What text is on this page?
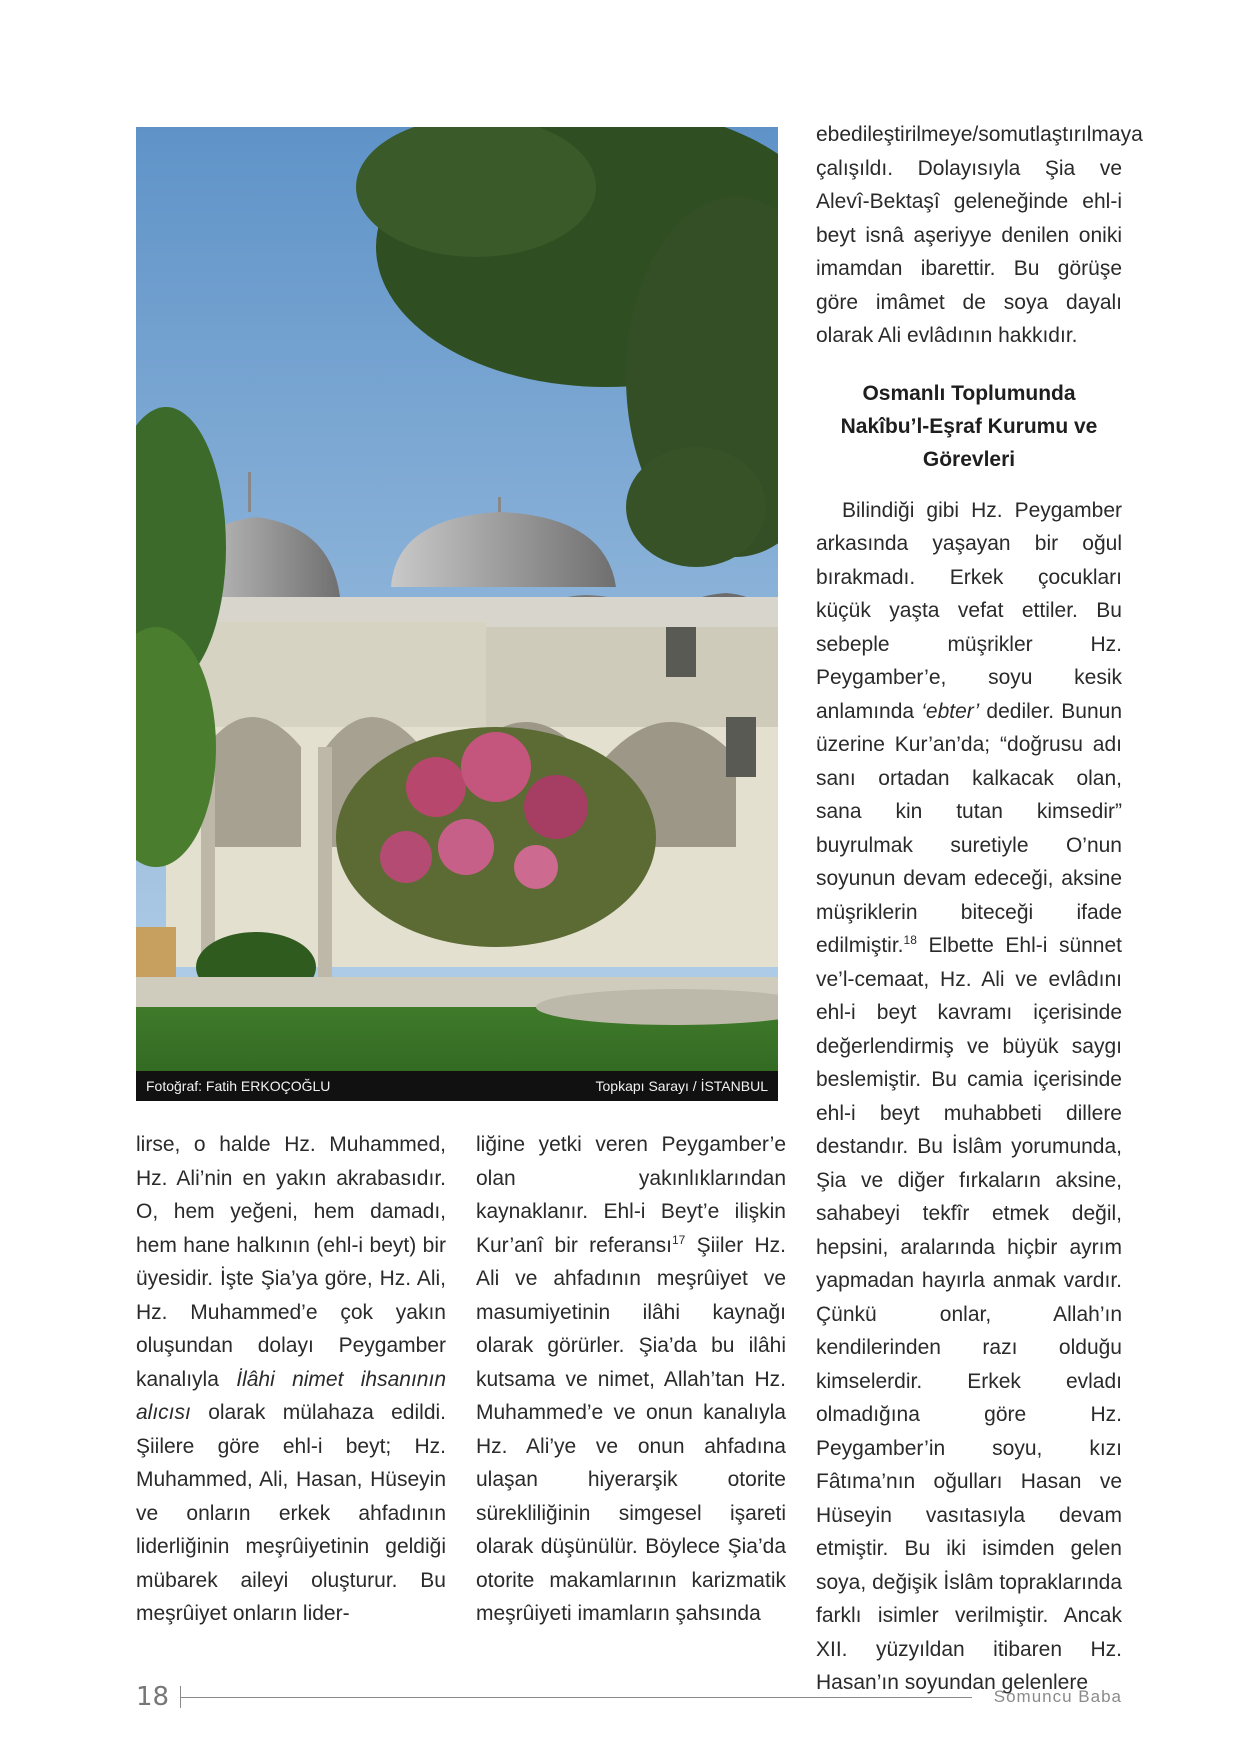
Fotoğraf: Fatih ERKOÇOĞLU	Topkapı Sarayı / İSTANBUL

lirse, o halde Hz. Muhammed, Hz. Ali’nin en yakın akrabasıdır. O, hem yeğeni, hem damadı, hem hane halkının (ehl-i beyt) bir üyesidir. İşte Şia’ya göre, Hz. Ali, Hz. Muhammed’e çok yakın oluşundan dolayı Peygamber kanalıyla İlâhi nimet ihsanının alıcısı olarak mülahaza edildi. Şiilere göre ehl-i beyt; Hz. Muhammed, Ali, Hasan, Hüseyin ve onların erkek ahfadının liderliğinin meşrûiyetinin geldiği mübarek aileyi oluşturur. Bu meşrûiyet onların lider-

liğine yetki veren Peygamber’e olan yakınlıklarından kaynaklanır. Ehl-i Beyt’e ilişkin Kur’anî bir referansı$^{17}$ Şiiler Hz. Ali ve ahfadının meşrûiyet ve masumiyetinin ilâhi kaynağı olarak görürler. Şia’da bu ilâhi kutsama ve nimet, Allah’tan Hz. Muhammed’e ve onun kanalıyla Hz. Ali’ye ve onun ahfadına ulaşan hiyerarşik otorite sürekliliğinin simgesel işareti olarak düşünülür. Böylece Şia’da otorite makamlarının karizmatik meşrûiyeti imamların şahsında

ebedileştirilmeye/somutlaştırılmaya çalışıldı. Dolayısıyla Şia ve Alevî-Bektaşî geleneğinde ehl-i beyt isnâ aşeriyye denilen oniki imamdan ibarettir. Bu görüşe göre imâmet de soya dayalı olarak Ali evlâdının hakkıdır.

Osmanlı Toplumunda
Nakîbu’l-Eşraf Kurumu ve
Görevleri

Bilindiği gibi Hz. Peygamber arkasında yaşayan bir oğul bırakmadı. Erkek çocukları küçük yaşta vefat ettiler. Bu sebeple müşrikler Hz. Peygamber’e, soyu kesik anlamında ‘ebter’ dediler. Bunun üzerine Kur’an’da; “doğrusu adı sanı ortadan kalkacak olan, sana kin tutan kimsedir” buyrulmak suretiyle O’nun soyunun devam edeceği, aksine müşriklerin biteceği ifade edilmiştir.$^{18}$ Elbette Ehl-i sünnet ve’l-cemaat, Hz. Ali ve evlâdını ehl-i beyt kavramı içerisinde değerlendirmiş ve büyük saygı beslemiştir. Bu camia içerisinde ehl-i beyt muhabbeti dillere destandır. Bu İslâm yorumunda, Şia ve diğer fırkaların aksine, sahabeyi tekfîr etmek değil, hepsini, aralarında hiçbir ayrım yapmadan hayırla anmak vardır. Çünkü onlar, Allah’ın kendilerinden razı olduğu kimselerdir. Erkek evladı olmadığına göre Hz. Peygamber’in soyu, kızı Fâtıma’nın oğulları Hasan ve Hüseyin vasıtasıyla devam etmiştir. Bu iki isimden gelen soya, değişik İslâm topraklarında farklı isimler verilmiştir. Ancak XII. yüzyıldan itibaren Hz. Hasan’ın soyundan gelenlere

18	Somuncu Baba
